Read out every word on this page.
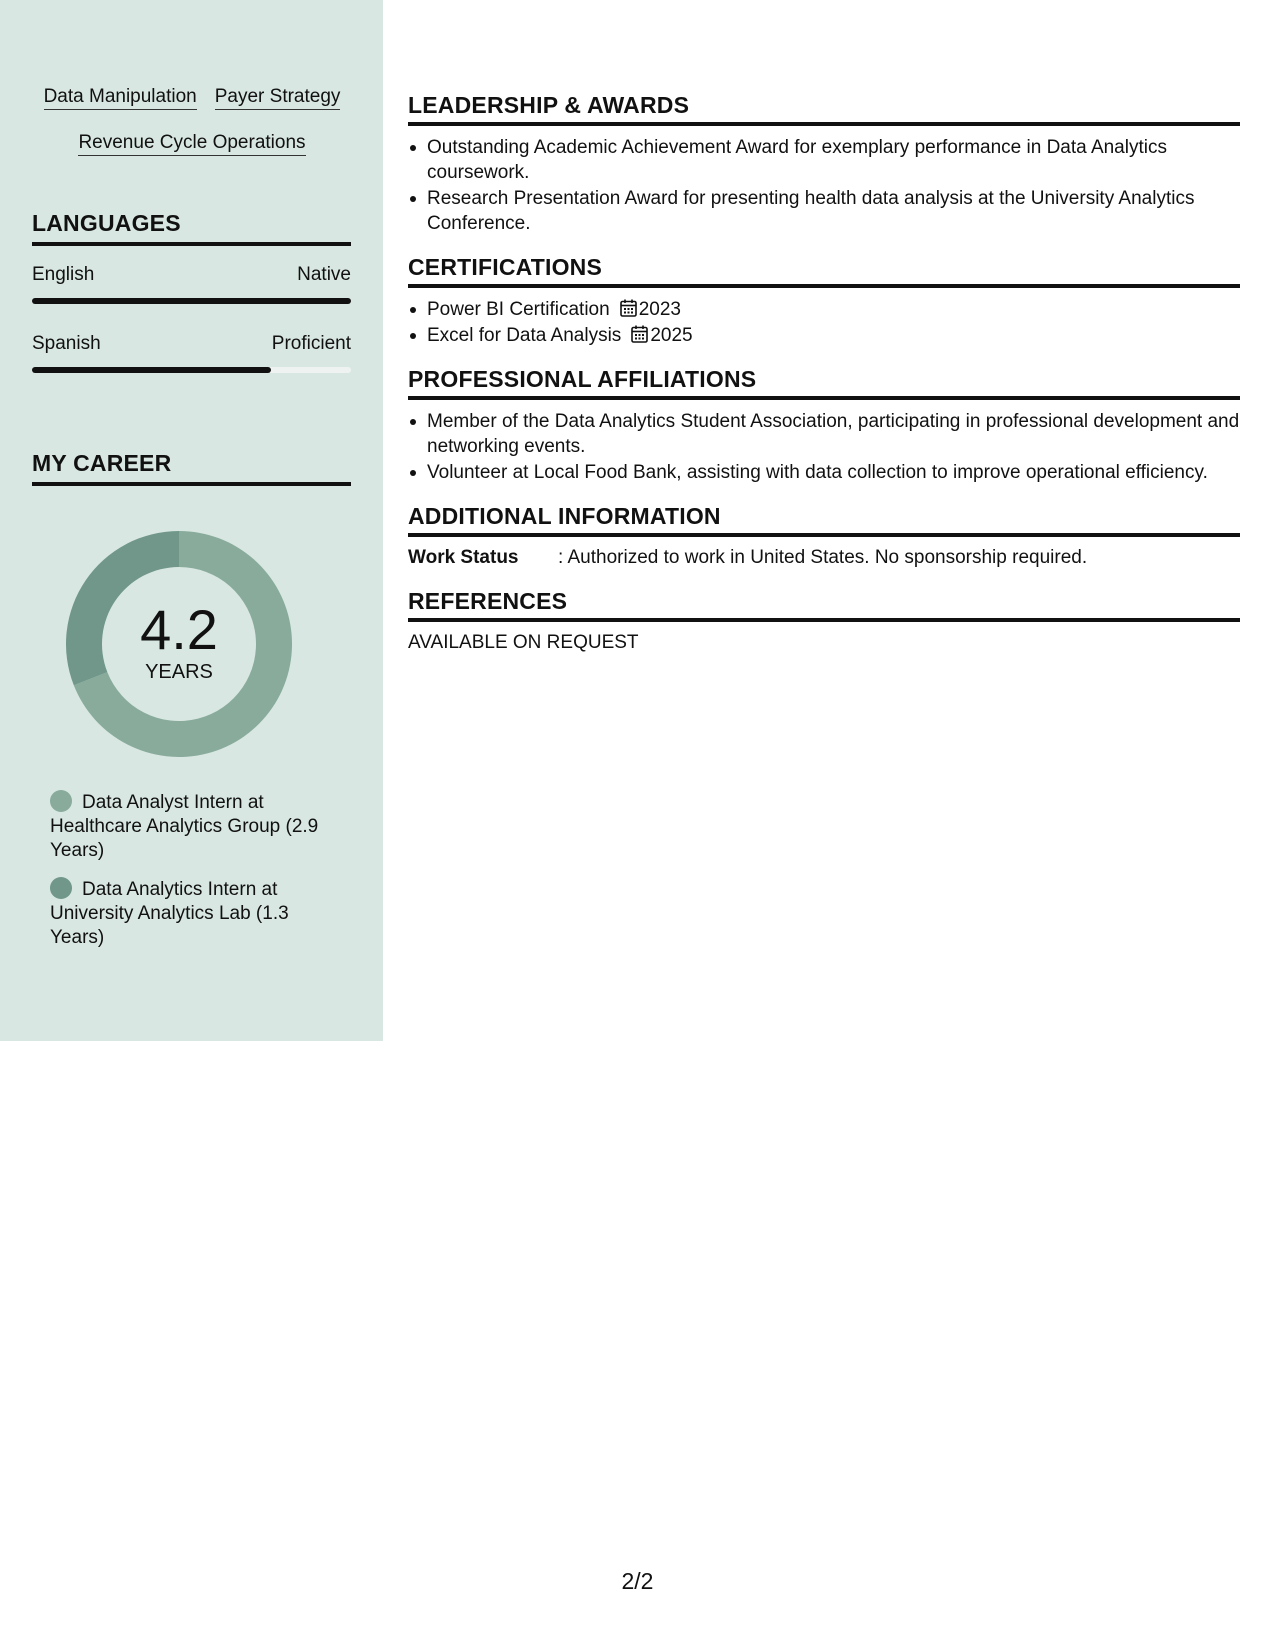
Data Manipulation Payer Strategy
Revenue Cycle Operations
LANGUAGES
English	Native
Spanish	Proficient
MY CAREER
4.2
YEARS
Data Analyst Intern at Healthcare Analytics Group (2.9 Years)
Data Analytics Intern at University Analytics Lab (1.3 Years)
LEADERSHIP & AWARDS
Outstanding Academic Achievement Award for exemplary performance in Data Analytics coursework.
Research Presentation Award for presenting health data analysis at the University Analytics Conference.
CERTIFICATIONS
Power BI Certification 2023
Excel for Data Analysis 2025
PROFESSIONAL AFFILIATIONS
Member of the Data Analytics Student Association, participating in professional development and networking events.
Volunteer at Local Food Bank, assisting with data collection to improve operational efficiency.
ADDITIONAL INFORMATION
Work Status	: Authorized to work in United States. No sponsorship required.
REFERENCES
AVAILABLE ON REQUEST
2/2
